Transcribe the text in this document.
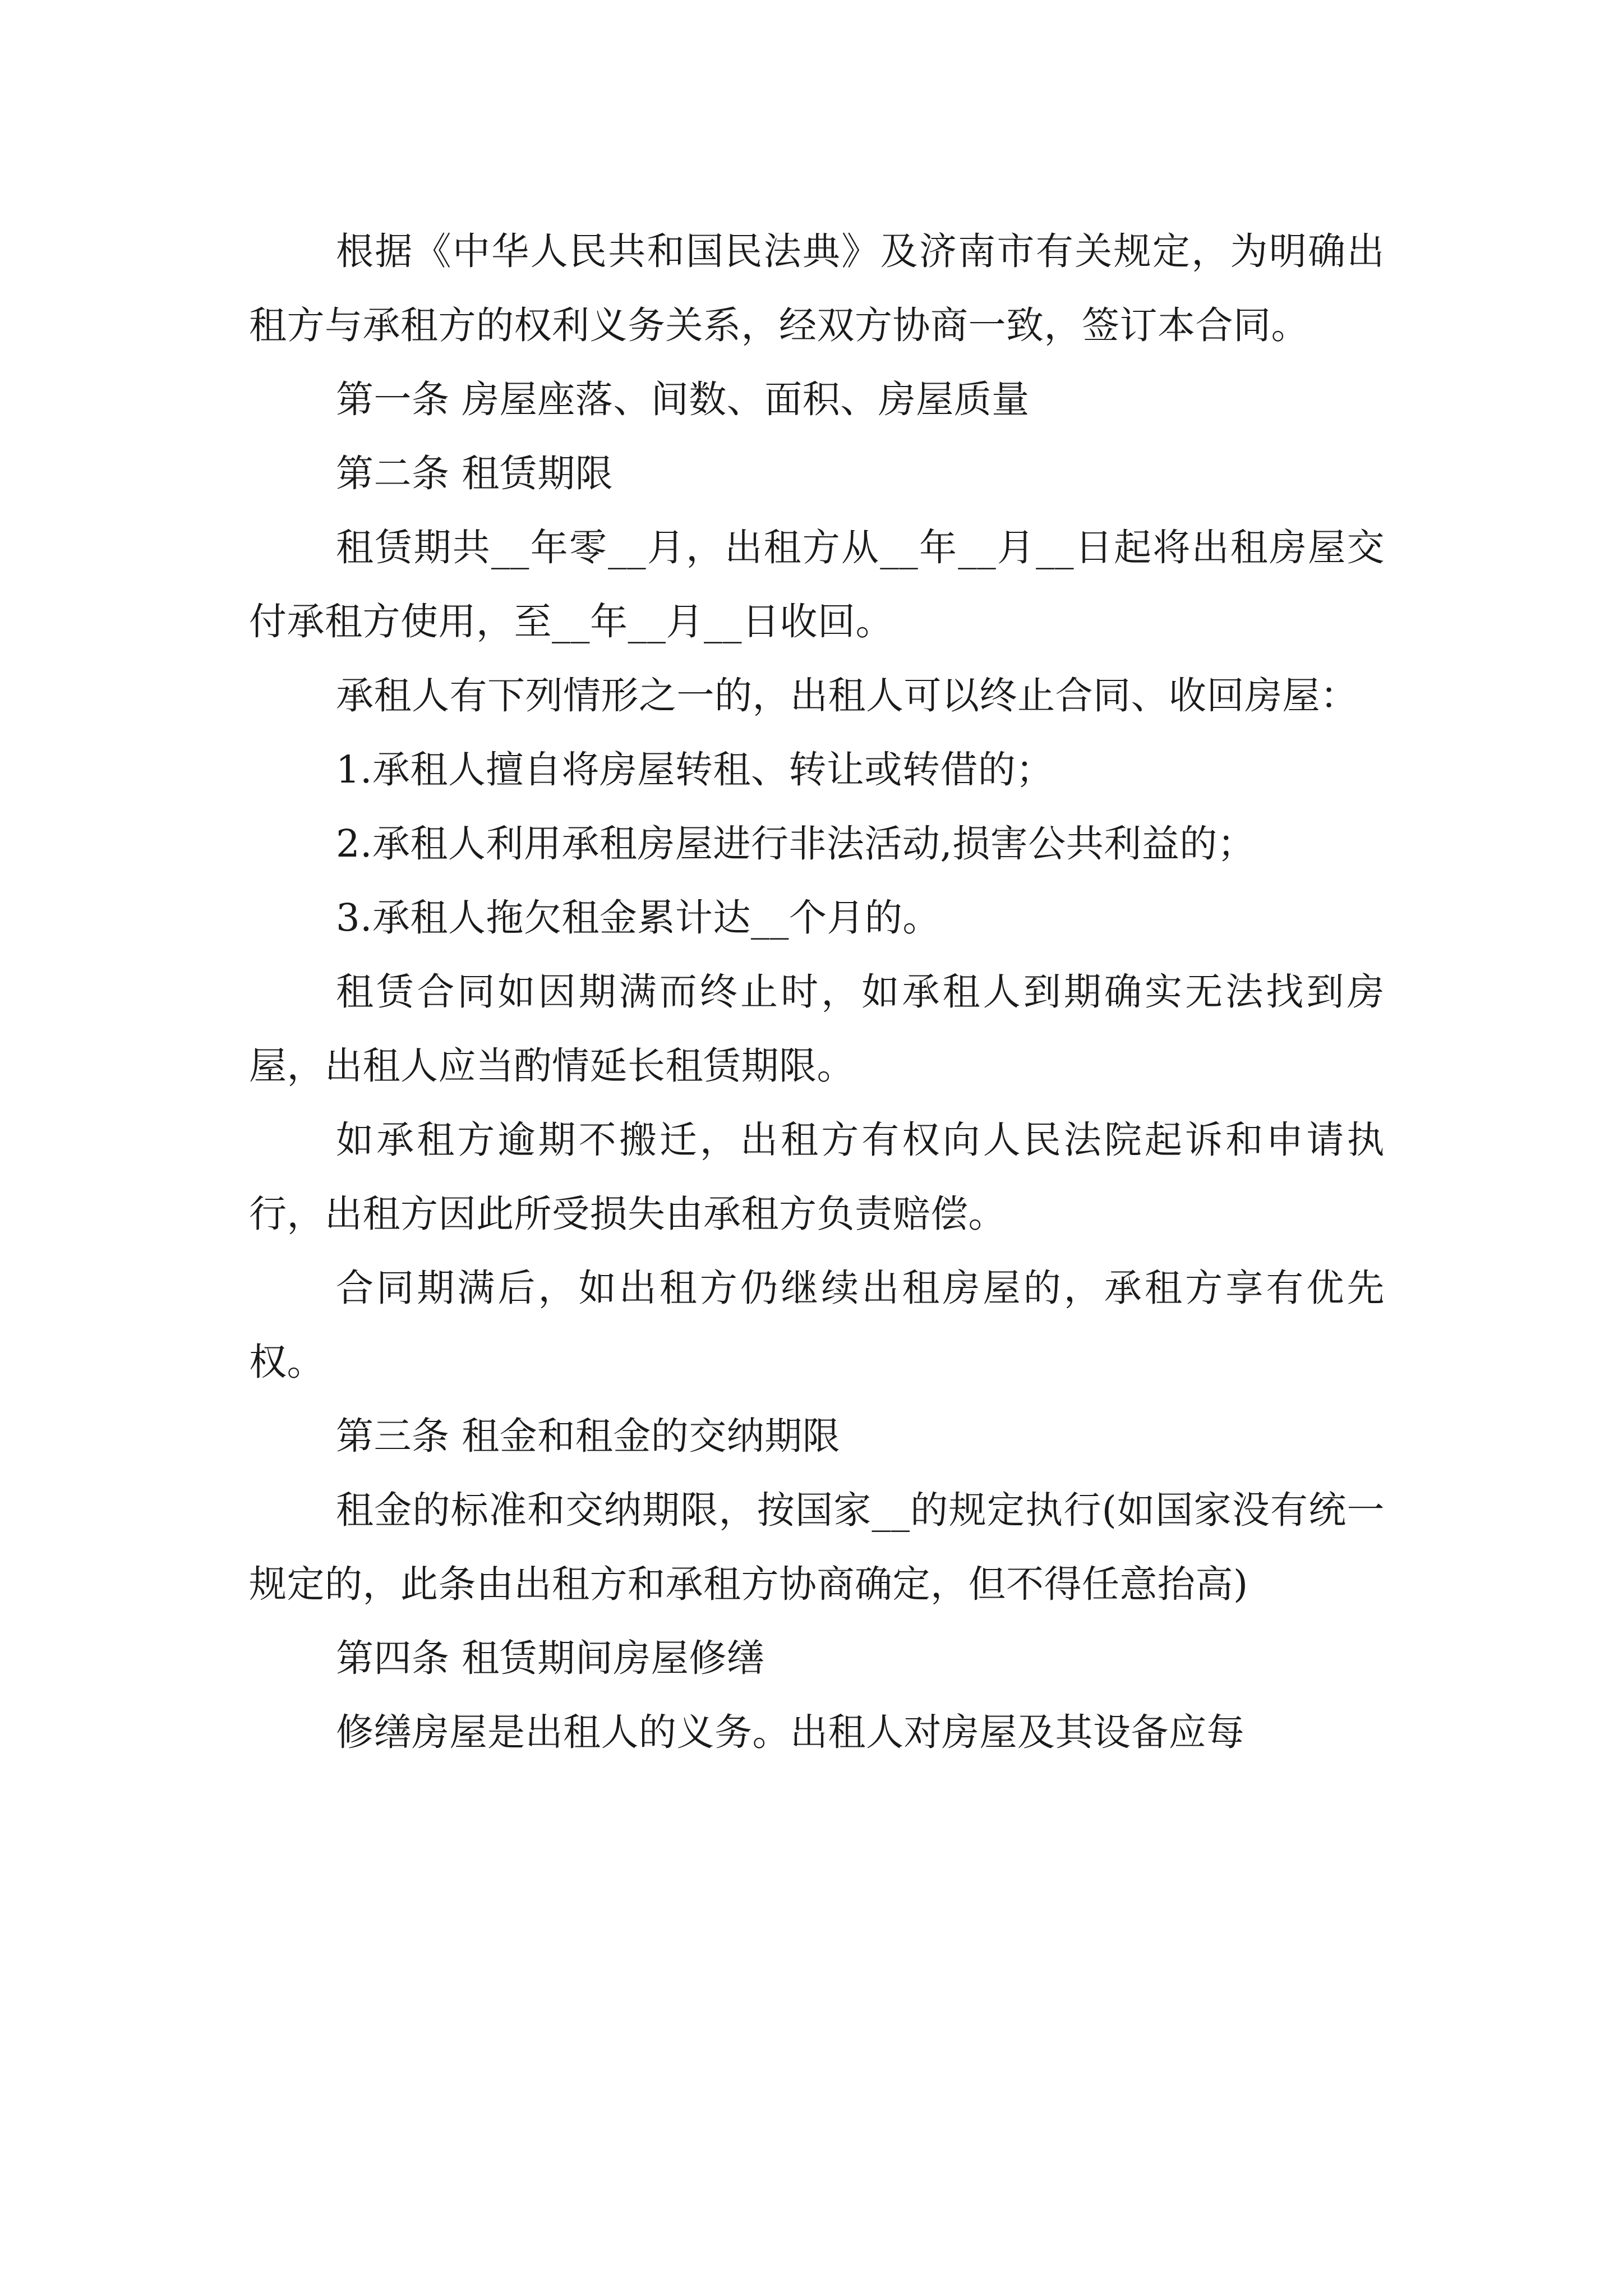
根据《中华人民共和国民法典》及济南市有关规定，为明确出租方与承租方的权利义务关系，经双方协商一致，签订本合同。

第一条 房屋座落、间数、面积、房屋质量

第二条 租赁期限

租赁期共__年零__月，出租方从__年__月__日起将出租房屋交付承租方使用，至__年__月__日收回。

承租人有下列情形之一的，出租人可以终止合同、收回房屋：

1.承租人擅自将房屋转租、转让或转借的；

2.承租人利用承租房屋进行非法活动,损害公共利益的；

3.承租人拖欠租金累计达__个月的。

租赁合同如因期满而终止时，如承租人到期确实无法找到房屋，出租人应当酌情延长租赁期限。

如承租方逾期不搬迁，出租方有权向人民法院起诉和申请执行，出租方因此所受损失由承租方负责赔偿。

合同期满后，如出租方仍继续出租房屋的，承租方享有优先权。

第三条 租金和租金的交纳期限

租金的标准和交纳期限，按国家__的规定执行(如国家没有统一规定的，此条由出租方和承租方协商确定，但不得任意抬高)

第四条 租赁期间房屋修缮

修缮房屋是出租人的义务。出租人对房屋及其设备应每
